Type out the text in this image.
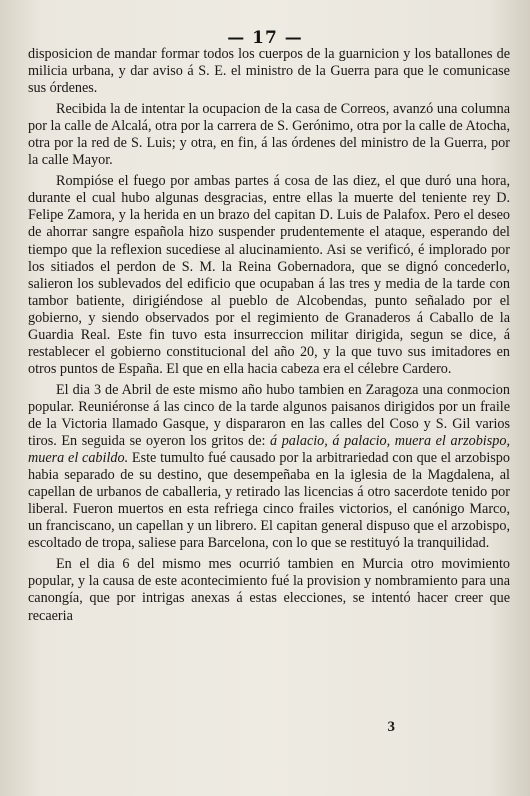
— 17 —

disposicion de mandar formar todos los cuerpos de la guarnicion y los batallones de milicia urbana, y dar aviso á S. E. el ministro de la Guerra para que le comunicase sus órdenes.

Recibida la de intentar la ocupacion de la casa de Correos, avanzó una columna por la calle de Alcalá, otra por la carrera de S. Gerónimo, otra por la calle de Atocha, otra por la red de S. Luis; y otra, en fin, á las órdenes del ministro de la Guerra, por la calle Mayor.

Rompióse el fuego por ambas partes á cosa de las diez, el que duró una hora, durante el cual hubo algunas desgracias, entre ellas la muerte del teniente rey D. Felipe Zamora, y la herida en un brazo del capitan D. Luis de Palafox. Pero el deseo de ahorrar sangre española hizo suspender prudentemente el ataque, esperando del tiempo que la reflexion sucediese al alucinamiento. Asi se verificó, é implorado por los sitiados el perdon de S. M. la Reina Gobernadora, que se dignó concederlo, salieron los sublevados del edificio que ocupaban á las tres y media de la tarde con tambor batiente, dirigiéndose al pueblo de Alcobendas, punto señalado por el gobierno, y siendo observados por el regimiento de Granaderos á Caballo de la Guardia Real. Este fin tuvo esta insurreccion militar dirigida, segun se dice, á restablecer el gobierno constitucional del año 20, y la que tuvo sus imitadores en otros puntos de España. El que en ella hacia cabeza era el célebre Cardero.

El dia 3 de Abril de este mismo año hubo tambien en Zaragoza una conmocion popular. Reuniéronse á las cinco de la tarde algunos paisanos dirigidos por un fraile de la Victoria llamado Gasque, y dispararon en las calles del Coso y S. Gil varios tiros. En seguida se oyeron los gritos de: á palacio, á palacio, muera el arzobispo, muera el cabildo. Este tumulto fué causado por la arbitrariedad con que el arzobispo habia separado de su destino, que desempeñaba en la iglesia de la Magdalena, al capellan de urbanos de caballeria, y retirado las licencias á otro sacerdote tenido por liberal. Fueron muertos en esta refriega cinco frailes victorios, el canónigo Marco, un franciscano, un capellan y un librero. El capitan general dispuso que el arzobispo, escoltado de tropa, saliese para Barcelona, con lo que se restituyó la tranquilidad.

En el dia 6 del mismo mes ocurrió tambien en Murcia otro movimiento popular, y la causa de este acontecimiento fué la provision y nombramiento para una canongía, que por intrigas anexas á estas elecciones, se intentó hacer creer que recaeria

3
